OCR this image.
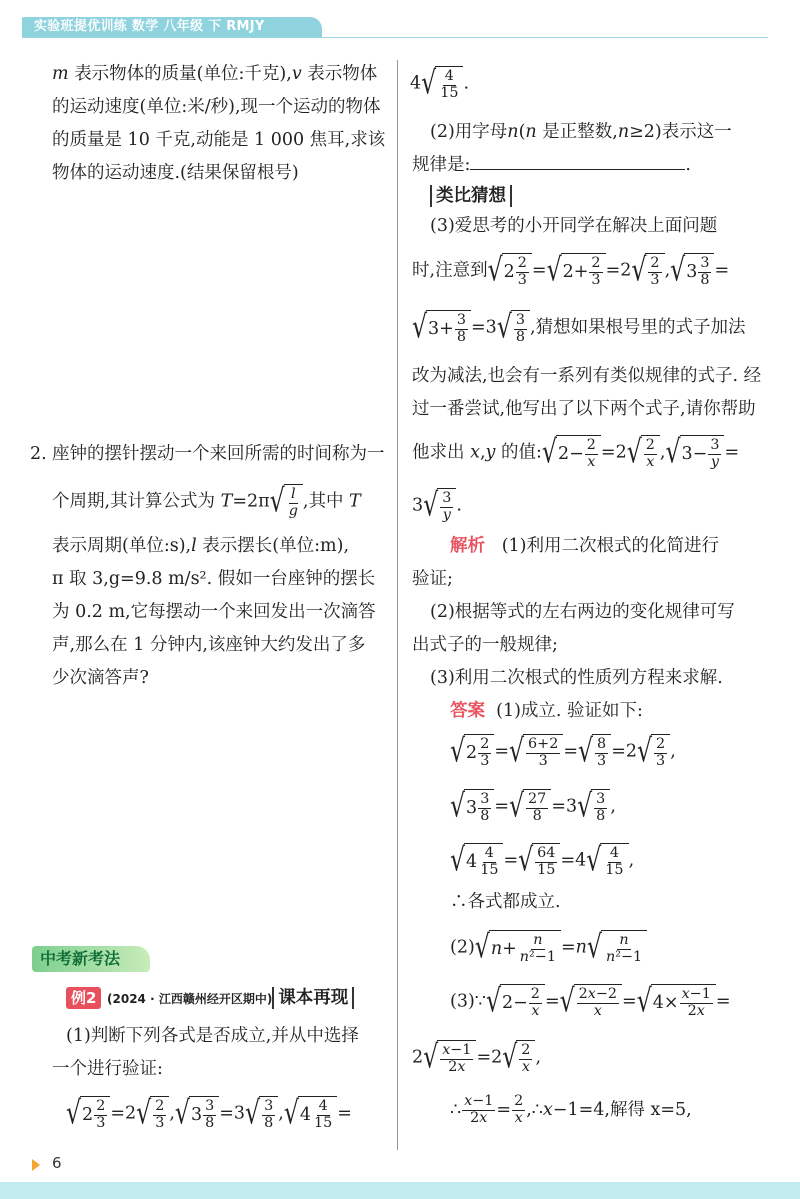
实验班提优训练 数学 八年级 下 RMJY
m 表示物体的质量(单位:千克),v 表示物体
的运动速度(单位:米/秒),现一个运动的物体
的质量是 10 千克,动能是 1 000 焦耳,求该
物体的运动速度.(结果保留根号)
2. 座钟的摆针摆动一个来回所需的时间称为一
个周期,其计算公式为 T=2π √ l
g ,其中 T
表示周期(单位:s),l 表示摆长(单位:m),
π 取 3,g=9.8 m/s². 假如一台座钟的摆长
为 0.2 m,它每摆动一个来回发出一次滴答
声,那么在 1 分钟内,该座钟大约发出了多
少次滴答声?
中考新考法
例2 (2024 · 江西赣州经开区期中) 课本再现
(1)判断下列各式是否成立,并从中选择
一个进行验证:
√ 2 2
3 =2 √ 2
3 , √ 3 3
8 =3 √ 3
8 , √ 4 4
15 =
4 √ 4
15 .
(2)用字母n(n 是正整数,n≥2)表示这一
规律是:	.
类比猜想
(3)爱思考的小开同学在解决上面问题
时,注意到 √ 2 2
3 = √ 2+ 2
3 =2 √ 2
3 , √ 3 3
8 =
√ 3+ 3
8 =3 √ 3
8 ,猜想如果根号里的式子加法
改为减法,也会有一系列有类似规律的式子. 经
过一番尝试,他写出了以下两个式子,请你帮助
他求出 x,y 的值: √ 2− 2
x =2 √ 2
x , √ 3− 3
y =
3 √ 3
y .
解析 (1)利用二次根式的化简进行
验证;
(2)根据等式的左右两边的变化规律可写
出式子的一般规律;
(3)利用二次根式的性质列方程来求解.
答案 (1)成立. 验证如下:
√ 2 2
3 = √ 6+2
3 = √ 8
3 =2 √ 2
3 ,
√ 3 3
8 = √ 27
8 =3 √ 3
8 ,
√ 4 4
15 = √ 64
15 =4 √ 4
15 ,
∴各式都成立.
(2) √ n + n
n²−1 =n √ n
n²−1
(3)∵ √ 2− 2
x = √ 2x−2
x = √ 4× x−1
2x =
2 √ x−1
2x =2 √ 2
x ,
∴ $\frac{x-1}{2x} = \frac{2}{x}$ ,∴x−1=4,解得 x=5,
6
